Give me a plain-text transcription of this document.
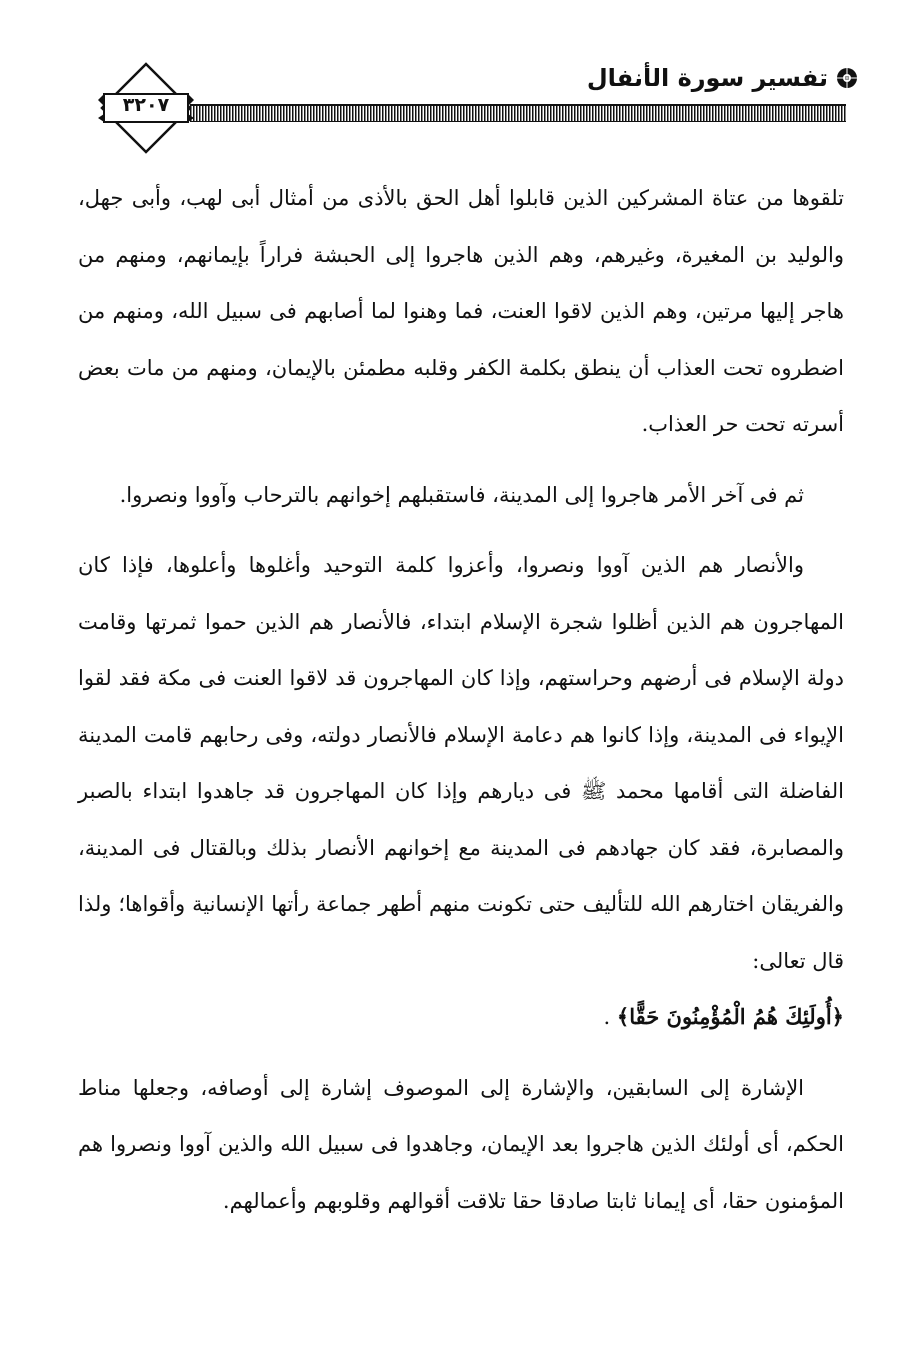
تفسير سورة الأنفال
٣٢٠٧

تلقوها من عتاة المشركين الذين قابلوا أهل الحق بالأذى من أمثال أبى لهب، وأبى جهل، والوليد بن المغيرة، وغيرهم، وهم الذين هاجروا إلى الحبشة فراراً بإيمانهم، ومنهم من هاجر إليها مرتين، وهم الذين لاقوا العنت، فما وهنوا لما أصابهم فى سبيل الله، ومنهم من اضطروه تحت العذاب أن ينطق بكلمة الكفر وقلبه مطمئن بالإيمان، ومنهم من مات بعض أسرته تحت حر العذاب.

ثم فى آخر الأمر هاجروا إلى المدينة، فاستقبلهم إخوانهم بالترحاب وآووا ونصروا.

والأنصار هم الذين آووا ونصروا، وأعزوا كلمة التوحيد وأغلوها وأعلوها، فإذا كان المهاجرون هم الذين أظلوا شجرة الإسلام ابتداء، فالأنصار هم الذين حموا ثمرتها وقامت دولة الإسلام فى أرضهم وحراستهم، وإذا كان المهاجرون قد لاقوا العنت فى مكة فقد لقوا الإيواء فى المدينة، وإذا كانوا هم دعامة الإسلام فالأنصار دولته، وفى رحابهم قامت المدينة الفاضلة التى أقامها محمد ﷺ فى ديارهم وإذا كان المهاجرون قد جاهدوا ابتداء بالصبر والمصابرة، فقد كان جهادهم فى المدينة مع إخوانهم الأنصار بذلك وبالقتال فى المدينة، والفريقان اختارهم الله للتأليف حتى تكونت منهم أطهر جماعة رأتها الإنسانية وأقواها؛ ولذا قال تعالى:
﴿أُولَئِكَ هُمُ الْمُؤْمِنُونَ حَقًّا﴾ .

الإشارة إلى السابقين، والإشارة إلى الموصوف إشارة إلى أوصافه، وجعلها مناط الحكم، أى أولئك الذين هاجروا بعد الإيمان، وجاهدوا فى سبيل الله والذين آووا ونصروا هم المؤمنون حقا، أى إيمانا ثابتا صادقا حقا تلاقت أقوالهم وقلوبهم وأعمالهم.
